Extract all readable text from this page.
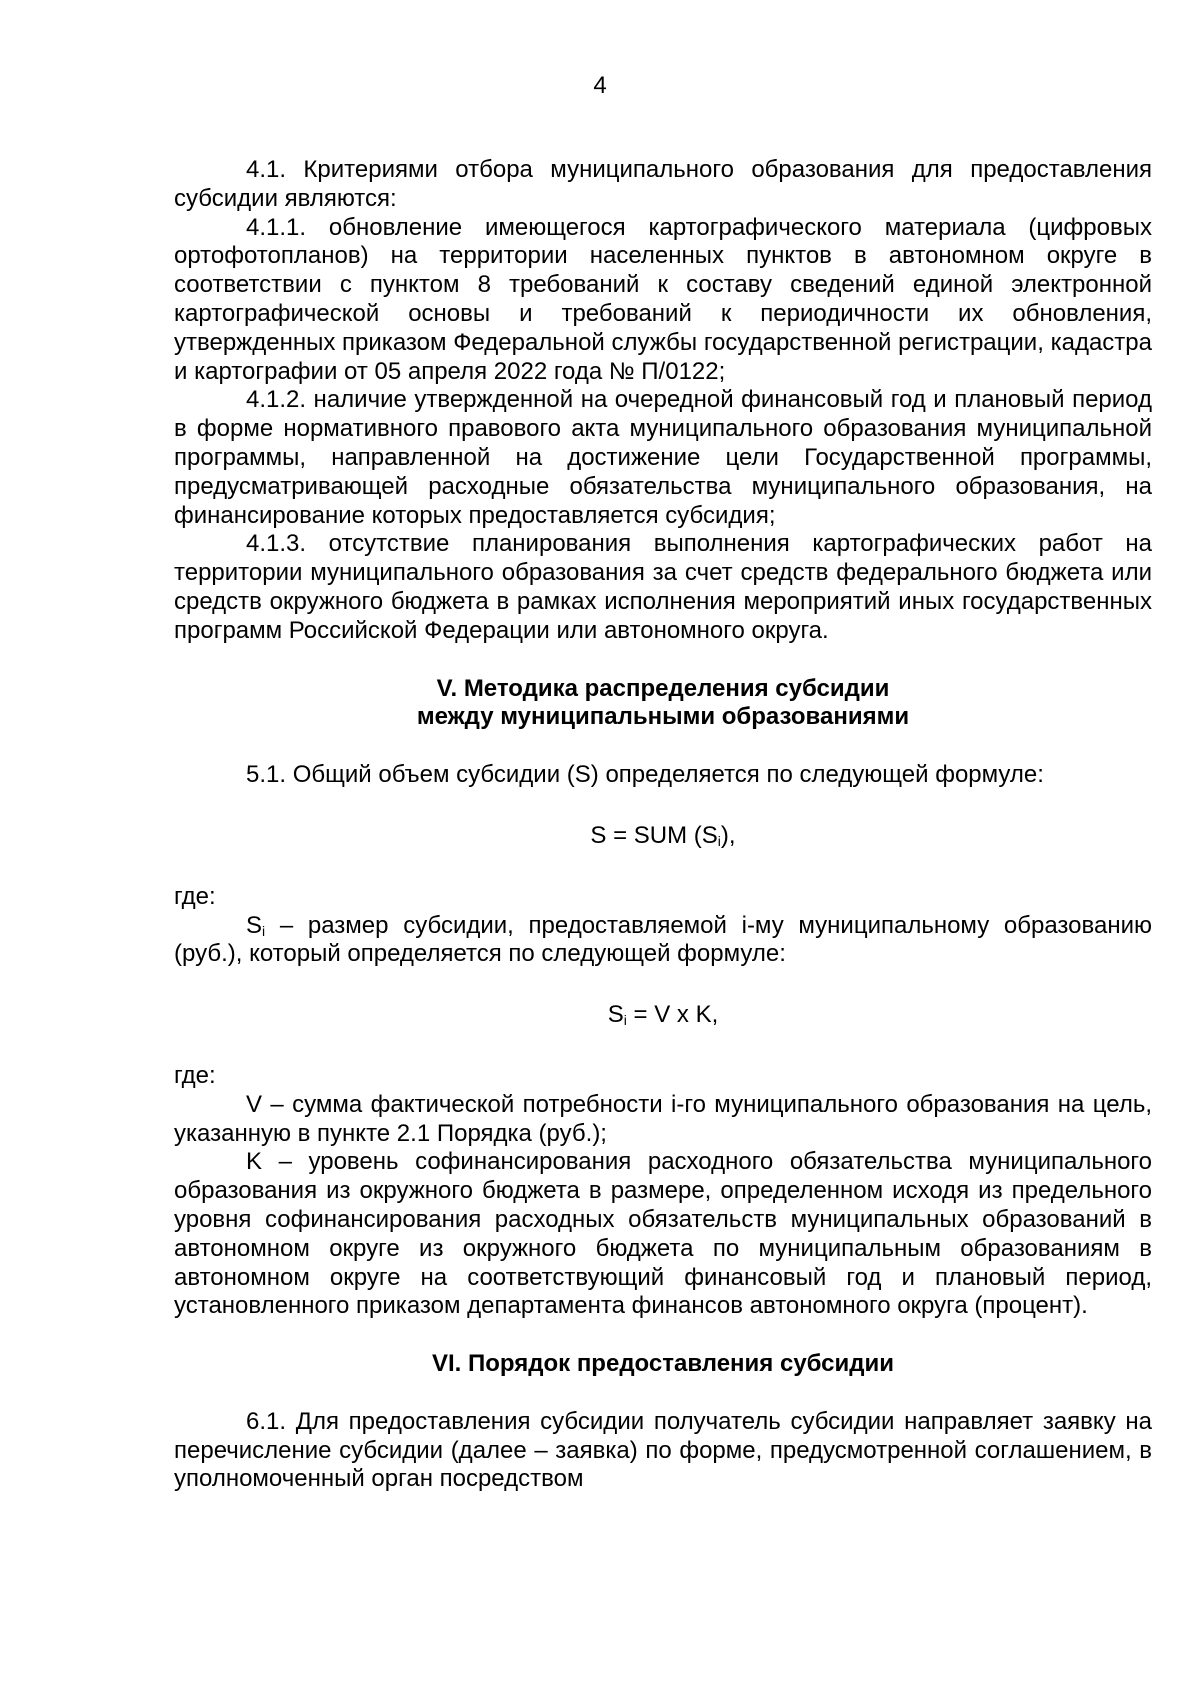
4

4.1. Критериями отбора муниципального образования для предоставления субсидии являются:

4.1.1. обновление имеющегося картографического материала (цифровых ортофотопланов) на территории населенных пунктов в автономном округе в соответствии с пунктом 8 требований к составу сведений единой электронной картографической основы и требований к периодичности их обновления, утвержденных приказом Федеральной службы государственной регистрации, кадастра и картографии от 05 апреля 2022 года № П/0122;

4.1.2. наличие утвержденной на очередной финансовый год и плановый период в форме нормативного правового акта муниципального образования муниципальной программы, направленной на достижение цели Государственной программы, предусматривающей расходные обязательства муниципального образования, на финансирование которых предоставляется субсидия;

4.1.3. отсутствие планирования выполнения картографических работ на территории муниципального образования за счет средств федерального бюджета или средств окружного бюджета в рамках исполнения мероприятий иных государственных программ Российской Федерации или автономного округа.

V. Методика распределения субсидии
между муниципальными образованиями

5.1. Общий объем субсидии (S) определяется по следующей формуле:

S = SUM $(S_i)$,

где:

$S_i$ – размер субсидии, предоставляемой i-му муниципальному образованию (руб.), который определяется по следующей формуле:

$S_i = V$ x K,

где:

V – сумма фактической потребности i-го муниципального образования на цель, указанную в пункте 2.1 Порядка (руб.);

K – уровень софинансирования расходного обязательства муниципального образования из окружного бюджета в размере, определенном исходя из предельного уровня софинансирования расходных обязательств муниципальных образований в автономном округе из окружного бюджета по муниципальным образованиям в автономном округе на соответствующий финансовый год и плановый период, установленного приказом департамента финансов автономного округа (процент).

VI. Порядок предоставления субсидии

6.1. Для предоставления субсидии получатель субсидии направляет заявку на перечисление субсидии (далее – заявка) по форме, предусмотренной соглашением, в уполномоченный орган посредством
